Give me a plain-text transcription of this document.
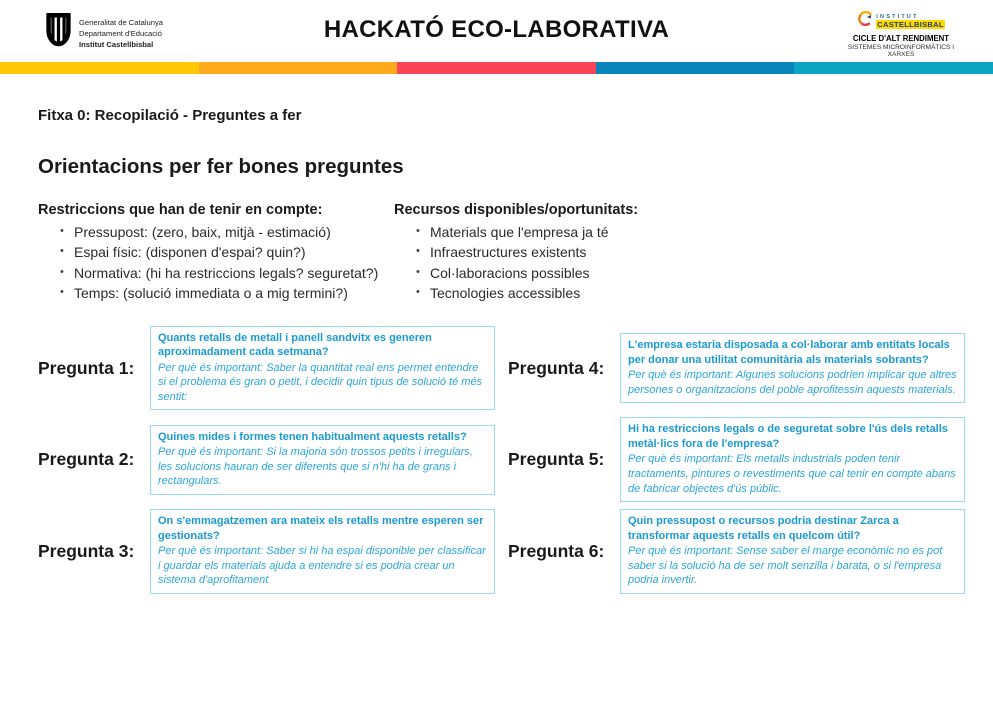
Generalitat de Catalunya
Departament d'Educació
Institut Castellbisbal
HACKATÓ ECO-LABORATIVA	INSTITUT
CASTELLBISBAL
CICLE D'ALT RENDIMENT
SISTEMES MICROINFORMÀTICS I XARXES
Fitxa 0: Recopilació - Preguntes a fer
Orientacions per fer bones preguntes
Restriccions que han de tenir en compte:
• Pressupost: (zero, baix, mitjà - estimació)
• Espai físic: (disponen d'espai? quin?)
• Normativa: (hi ha restriccions legals? seguretat?)
• Temps: (solució immediata o a mig termini?)
Recursos disponibles/oportunitats:
• Materials que l'empresa ja té
• Infraestructures existents
• Col·laboracions possibles
• Tecnologies accessibles
Pregunta 1:
Quants retalls de metall i panell sandvitx es generen aproximadament cada setmana?
Per què és important: Saber la quantitat real ens permet entendre si el problema és gran o petit, i decidir quin tipus de solució té més sentit:
Pregunta 4:
L'empresa estaria disposada a col·laborar amb entitats locals per donar una utilitat comunitària als materials sobrants?
Per què és important: Algunes solucions podrien implicar que altres persones o organitzacions del poble aprofitessin aquests materials.
Pregunta 2:
Quines mides i formes tenen habitualment aquests retalls?
Per què és important: Si la majoria són trossos petits i irregulars, les solucions hauran de ser diferents que si n'hi ha de grans i rectangulars.
Pregunta 5:
Hi ha restriccions legals o de seguretat sobre l'ús dels retalls metàl·lics fora de l'empresa?
Per què és important: Els metalls industrials poden tenir tractaments, pintures o revestiments que cal tenir en compte abans de fabricar objectes d'ús públic.
Pregunta 3:
On s'emmagatzemen ara mateix els retalls mentre esperen ser gestionats?
Per què és important: Saber si hi ha espai disponible per classificar i guardar els materials ajuda a entendre si es podria crear un sistema d'aprofitament
Pregunta 6:
Quin pressupost o recursos podria destinar Zarca a transformar aquests retalls en quelcom útil?
Per què és important: Sense saber el marge econòmic no es pot saber si la solució ha de ser molt senzilla i barata, o si l'empresa podria invertir.
